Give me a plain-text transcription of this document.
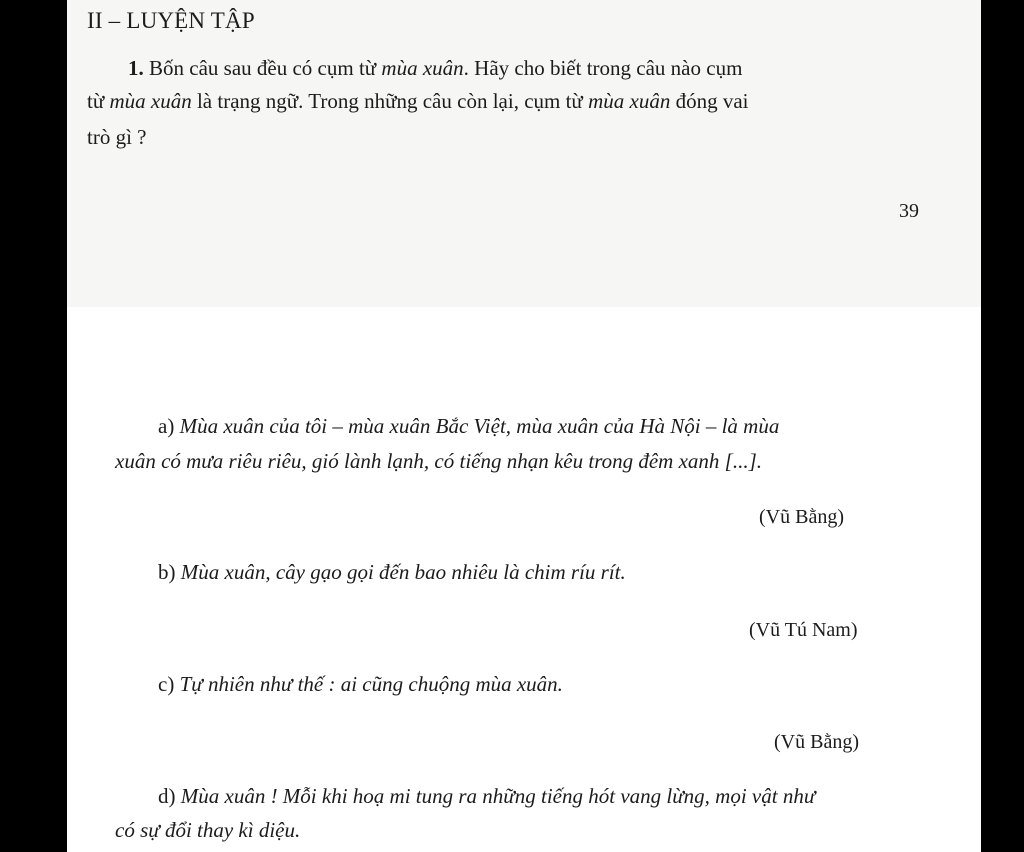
II – LUYỆN TẬP
1. Bốn câu sau đều có cụm từ mùa xuân. Hãy cho biết trong câu nào cụm
từ mùa xuân là trạng ngữ. Trong những câu còn lại, cụm từ mùa xuân đóng vai
trò gì ?
39
a) Mùa xuân của tôi – mùa xuân Bắc Việt, mùa xuân của Hà Nội – là mùa
xuân có mưa riêu riêu, gió lành lạnh, có tiếng nhạn kêu trong đêm xanh [...].
(Vũ Bằng)
b) Mùa xuân, cây gạo gọi đến bao nhiêu là chim ríu rít.
(Vũ Tú Nam)
c) Tự nhiên như thế : ai cũng chuộng mùa xuân.
(Vũ Bằng)
d) Mùa xuân ! Mỗi khi hoạ mi tung ra những tiếng hót vang lừng, mọi vật như
có sự đổi thay kì diệu.
